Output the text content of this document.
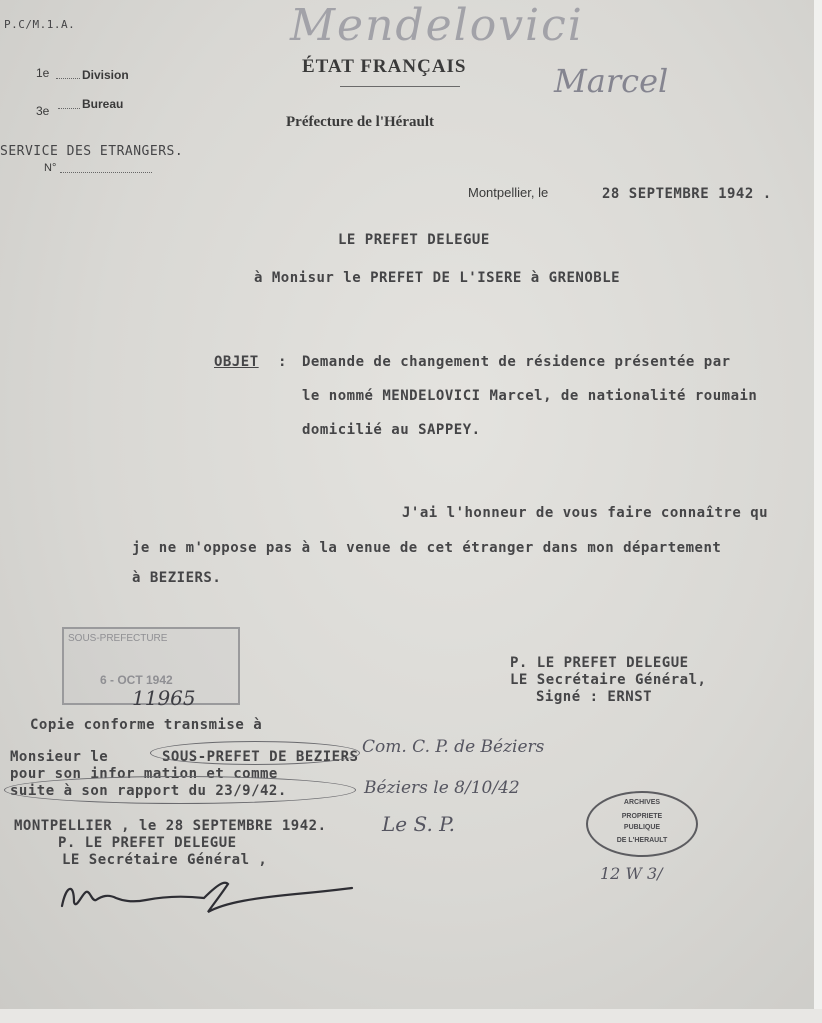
P.C/M.1.A.	Mendelovici
Marcel
1e	Division
3e	Bureau
ÉTAT FRANÇAIS
Préfecture de l'Hérault
SERVICE DES ETRANGERS.
N°
Montpellier, le	28 SEPTEMBRE 1942 .
LE PREFET DELEGUE
à Monisur le PREFET DE L'ISERE à GRENOBLE
OBJET : Demande de changement de résidence présentée par
le nommé MENDELOVICI Marcel, de nationalité roumain
domicilié au SAPPEY.
J'ai l'honneur de vous faire connaître qu
je ne m'oppose pas à la venue de cet étranger dans mon département
à BEZIERS.
SOUS-PREFECTURE
6 - OCT 1942
11965
P. LE PREFET DELEGUE
LE Secrétaire Général,
Signé : ERNST
Copie conforme transmise à
Monsieur le	SOUS-PREFET DE BEZIERS
pour son infor mation et comme
suite à son rapport du 23/9/42.
MONTPELLIER , le 28 SEPTEMBRE 1942.
P. LE PREFET DELEGUE
LE Secrétaire Général ,
Com. C. P. de Béziers
Béziers le 8/10/42
Le S. P.
12 W 3/
ARCHIVES
PROPRIETE
PUBLIQUE
DE L'HERAULT
